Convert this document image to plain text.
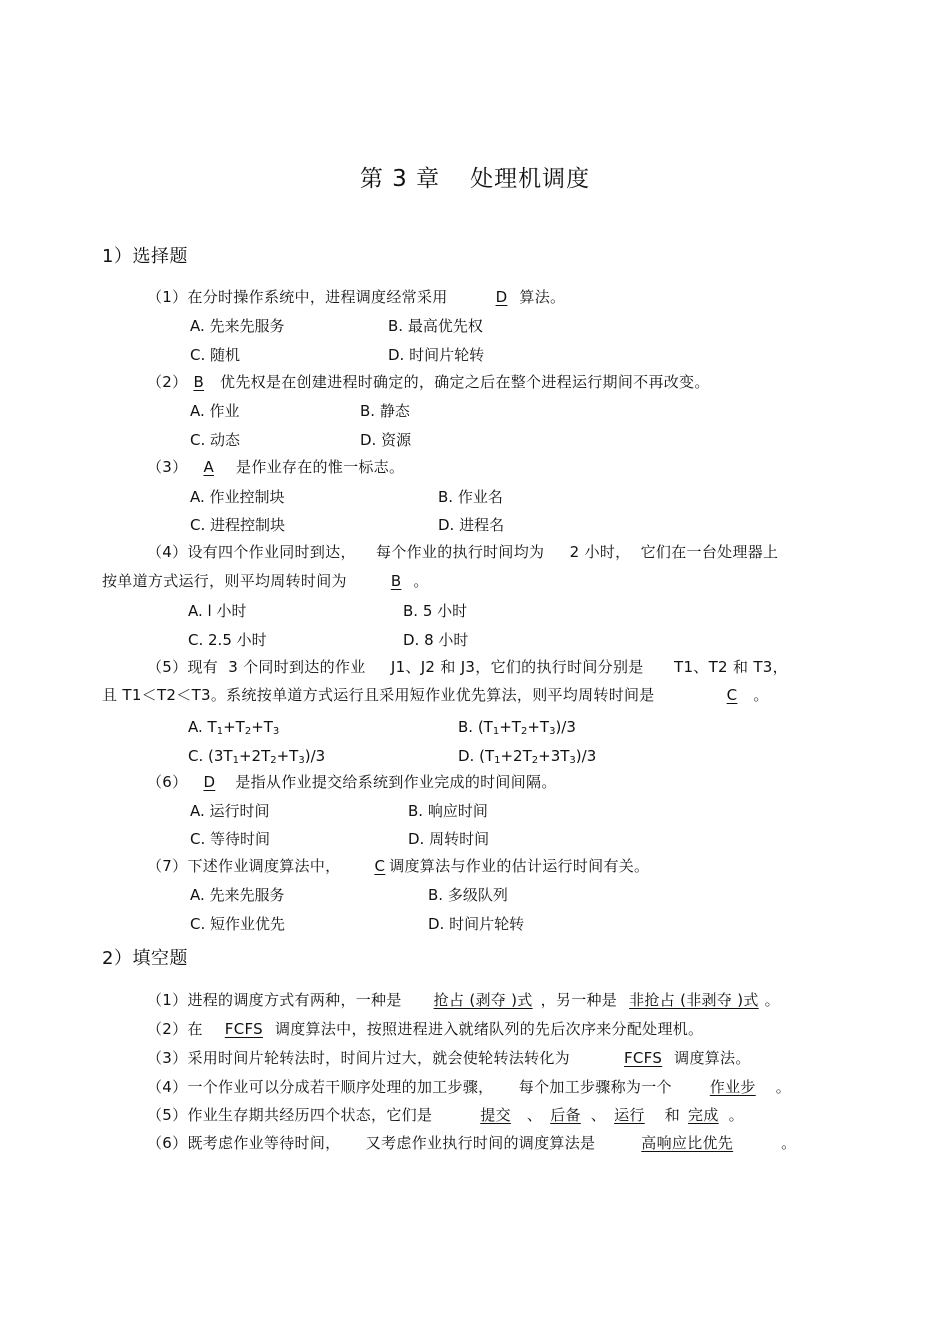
第 3 章 处理机调度
1）选择题
（1）在分时操作系统中，进程调度经常采用	D 算法。
A. 先来先服务	B. 最高优先权
C. 随机	D. 时间片轮转
（2） B 优先权是在创建进程时确定的，确定之后在整个进程运行期间不再改变。
A. 作业	B. 静态
C. 动态	D. 资源
（3） A 是作业存在的惟一标志。
A. 作业控制块	B. 作业名
C. 进程控制块	D. 进程名
（4）设有四个作业同时到达，    每个作业的执行时间均为     2 小时，  它们在一台处理器上
按单道方式运行，则平均周转时间为	B 。
A. l 小时	B. 5 小时
C. 2.5 小时	D. 8 小时
（5）现有  3 个同时到达的作业     J1、J2 和 J3，它们的执行时间分别是      T1、T2 和 T3，
且 T1＜T2＜T3。系统按单道方式运行且采用短作业优先算法，则平均周转时间是	C 。
A. $T_1+T_2+T_3$	B. $(T_1+T_2+T_3)/3$
C. $(3T_1+2T_2+T_3)/3$	D. $(T_1+2T_2+3T_3)/3$
（6） D 是指从作业提交给系统到作业完成的时间间隔。
A. 运行时间	B. 响应时间
C. 等待时间	D. 周转时间
（7）下述作业调度算法中， C 调度算法与作业的估计运行时间有关。
A. 先来先服务	B. 多级队列
C. 短作业优先	D. 时间片轮转
2）填空题
（1）进程的调度方式有两种，一种是 抢占 (剥夺 )式 ，另一种是 非抢占 (非剥夺 )式 。
（2）在 FCFS 调度算法中，按照进程进入就绪队列的先后次序来分配处理机。
（3）采用时间片轮转法时，时间片过大，就会使轮转法转化为	FCFS 调度算法。
（4）一个作业可以分成若干顺序处理的加工步骤，     每个加工步骤称为一个	作业步 。
（5）作业生存期共经历四个状态，它们是	提交 、 后备 、 运行 和 完成 。
（6）既考虑作业等待时间，     又考虑作业执行时间的调度算法是	高响应比优先	。
